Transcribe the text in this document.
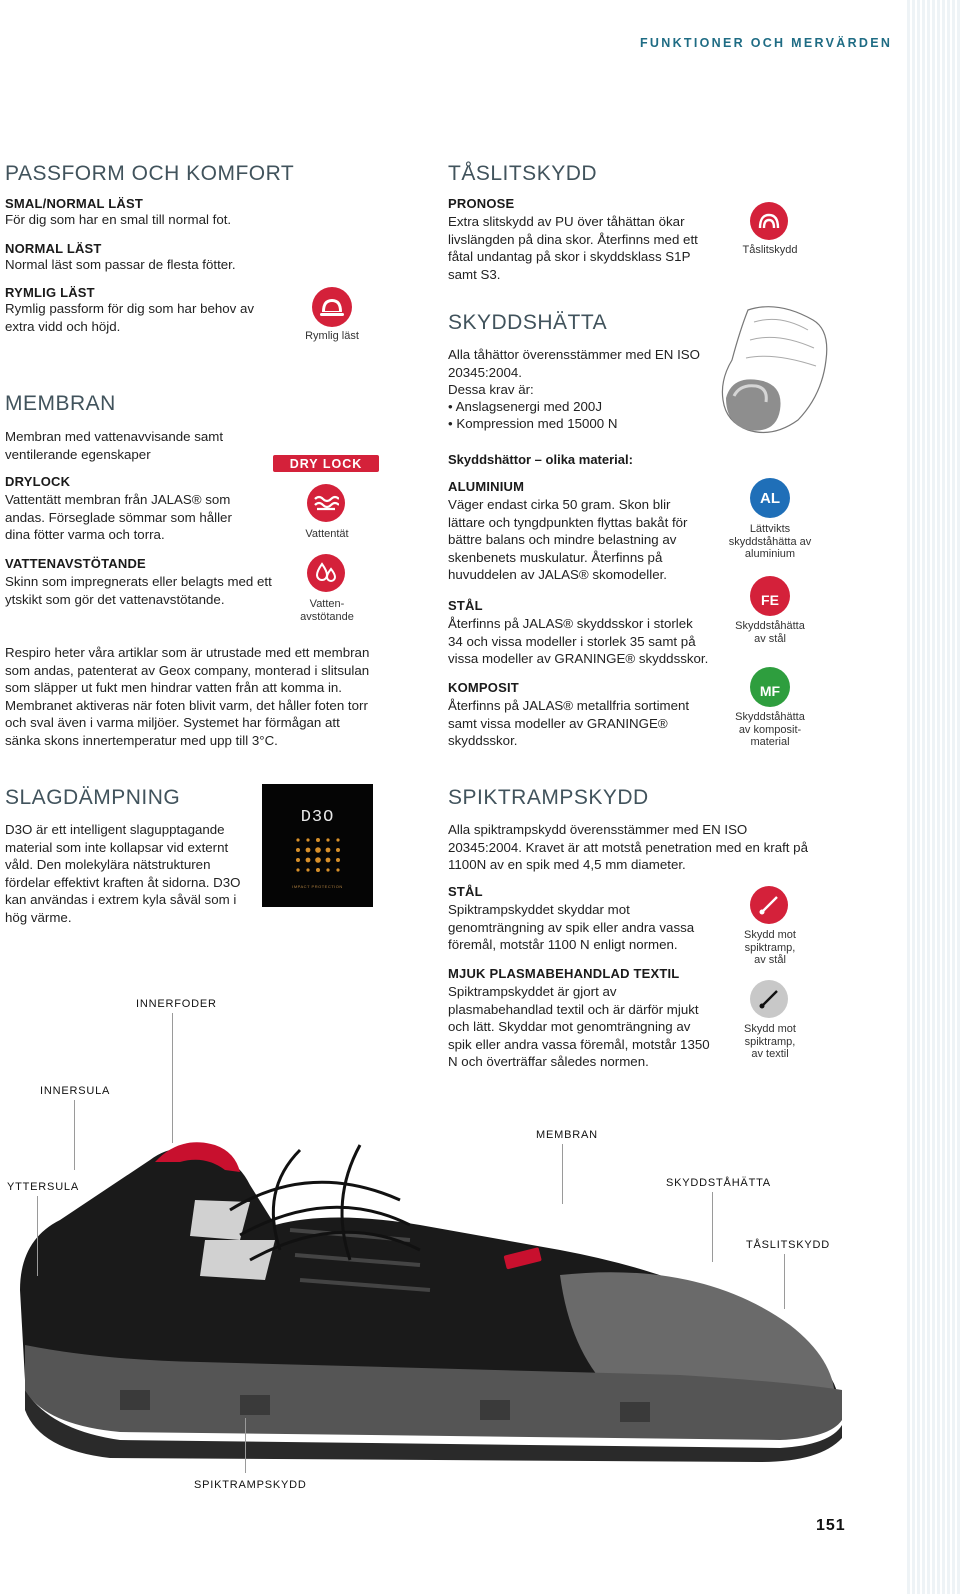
FUNKTIONER OCH MERVÄRDEN
PASSFORM OCH KOMFORT
SMAL/NORMAL LÄST
För dig som har en smal till normal fot.
NORMAL LÄST
Normal läst som passar de flesta fötter.
RYMLIG LÄST
Rymlig passform för dig som har behov av extra vidd och höjd.
Rymlig läst
MEMBRAN
Membran med vattenavvisande samt ventilerande egenskaper
DRYLOCK
Vattentätt membran från JALAS® som andas. Förseglade sömmar som håller dina fötter varma och torra.
VATTENAVSTÖTANDE
Skinn som impregnerats eller belagts med ett ytskikt som gör det vattenavstötande.
DRY LOCK
Vattentät
Vatten-
avstötande
Respiro heter våra artiklar som är utrustade med ett membran som andas, patenterat av Geox company, monterad i slitsulan som släpper ut fukt men hindrar vatten från att komma in. Membranet aktiveras när foten blivit varm, det håller foten torr och sval även i varma miljöer. Systemet har förmågan att sänka skons innertemperatur med upp till 3°C.
SLAGDÄMPNING
D3O är ett intelligent slagupptagande material som inte kollapsar vid externt våld. Den molekylära nätstrukturen fördelar effektivt kraften åt sidorna. D3O kan användas i extrem kyla såväl som i hög värme.
D3O
IMPACT PROTECTION
TÅSLITSKYDD
PRONOSE
Extra slitskydd av PU över tåhättan ökar livslängden på dina skor. Återfinns med ett fåtal undantag på skor i skyddsklass S1P samt S3.
Tåslitskydd
SKYDDSHÄTTA
Alla tåhättor överensstämmer med EN ISO 20345:2004.
Dessa krav är:
• Anslagsenergi med 200J
• Kompression med 15000 N
Skyddshättor – olika material:
ALUMINIUM
Väger endast cirka 50 gram. Skon blir lättare och tyngdpunkten flyttas bakåt för bättre balans och mindre belastning av skenbenets muskulatur. Återfinns på huvuddelen av JALAS® skomodeller.
STÅL
Återfinns på JALAS® skyddsskor i storlek 34 och vissa modeller i storlek 35 samt på vissa modeller av GRANINGE® skyddsskor.
KOMPOSIT
Återfinns på JALAS® metallfria sortiment samt vissa modeller av GRANINGE® skyddsskor.
AL
Lättvikts
skyddståhätta av
aluminium
FE
Skyddståhätta
av stål
MF
Skyddståhätta
av komposit-
material
SPIKTRAMPSKYDD
Alla spiktrampskydd överensstämmer med EN ISO 20345:2004. Kravet är att motstå penetration med en kraft på 1100N av en spik med 4,5 mm diameter.
STÅL
Spiktrampskyddet skyddar mot genomträngning av spik eller andra vassa föremål, motstår 1100 N enligt normen.
MJUK PLASMABEHANDLAD TEXTIL
Spiktrampskyddet är gjort av plasmabehandlad textil och är därför mjukt och lätt. Skyddar mot genomträngning av spik eller andra vassa föremål, motstår 1350 N och överträffar således normen.
Skydd mot
spiktramp,
av stål
Skydd mot
spiktramp,
av textil
INNERFODER
INNERSULA
MEMBRAN
YTTERSULA	SKYDDSTÅHÄTTA
TÅSLITSKYDD
SPIKTRAMPSKYDD
151
